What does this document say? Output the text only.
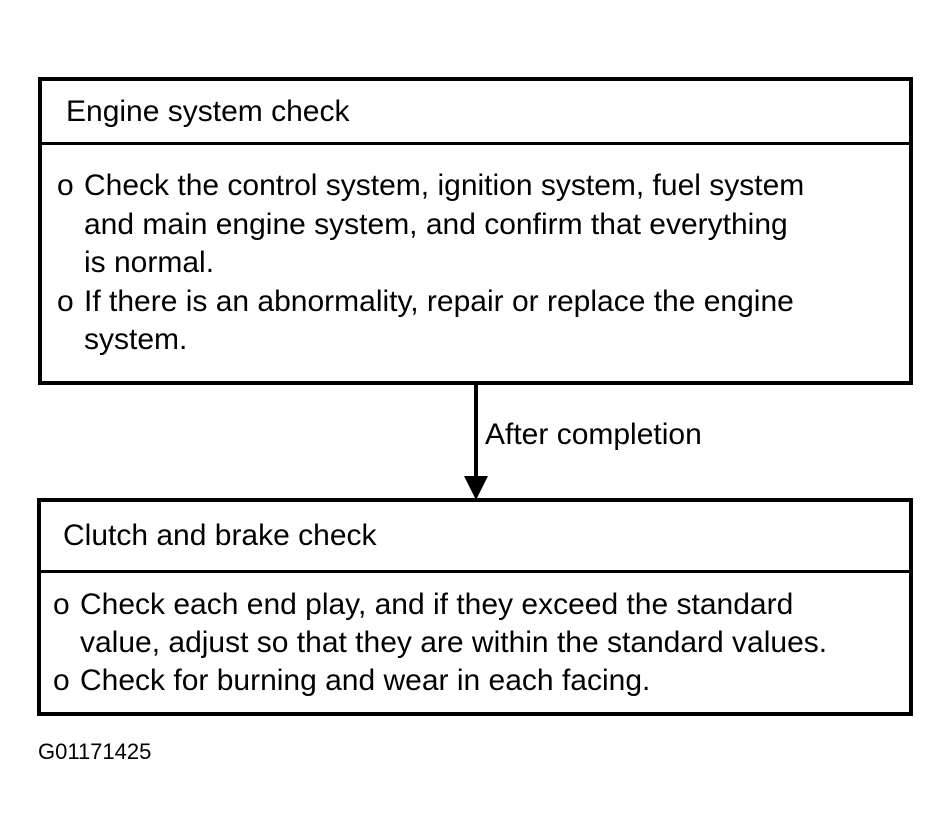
Engine system check
o Check the control system, ignition system, fuel system
and main engine system, and confirm that everything
is normal.
o If there is an abnormality, repair or replace the engine
system.
After completion
Clutch and brake check
o Check each end play, and if they exceed the standard
value, adjust so that they are within the standard values.
o Check for burning and wear in each facing.
G01171425
